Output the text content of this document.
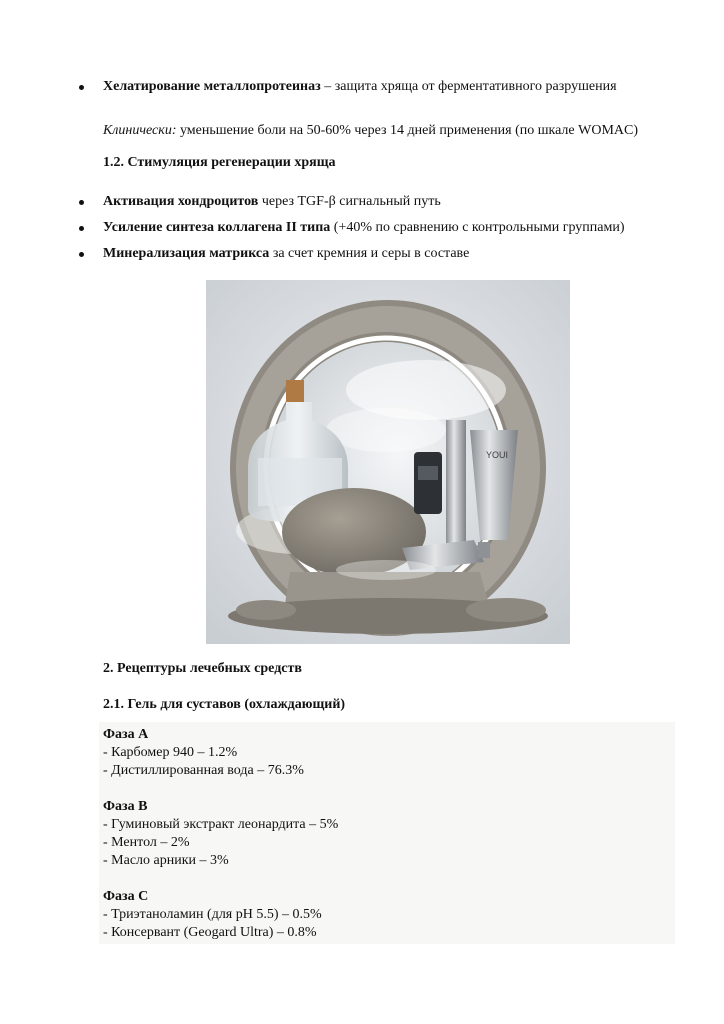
Хелатирование металлопротеиназ – защита хряща от ферментативного разрушения
Клинически: уменьшение боли на 50-60% через 14 дней применения (по шкале WOMAC)
1.2. Стимуляция регенерации хряща
Активация хондроцитов через TGF-β сигнальный путь
Усиление синтеза коллагена II типа (+40% по сравнению с контрольными группами)
Минерализация матрикса за счет кремния и серы в составе
YOUI
2. Рецептуры лечебных средств
2.1. Гель для суставов (охлаждающий)
Фаза А
- Карбомер 940 – 1.2%
- Дистиллированная вода – 76.3%
Фаза В
- Гуминовый экстракт леонардита – 5%
- Ментол – 2%
- Масло арники – 3%
Фаза С
- Триэтаноламин (для pH 5.5) – 0.5%
- Консервант (Geogard Ultra) – 0.8%
